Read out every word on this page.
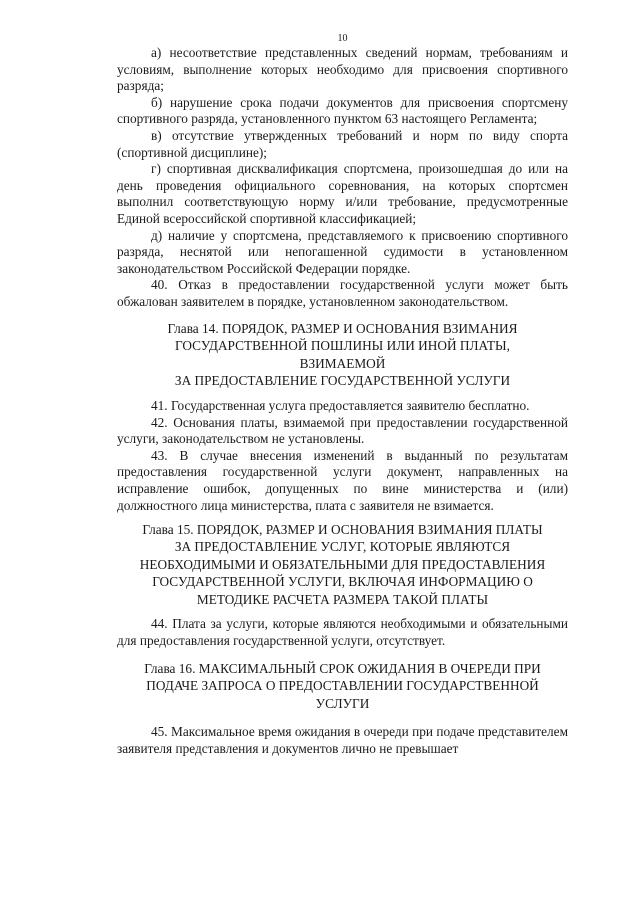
10

а) несоответствие представленных сведений нормам, требованиям и условиям, выполнение которых необходимо для присвоения спортивного разряда;

б) нарушение срока подачи документов для присвоения спортсмену спортивного разряда, установленного пунктом 63 настоящего Регламента;

в) отсутствие утвержденных требований и норм по виду спорта (спортивной дисциплине);

г) спортивная дисквалификация спортсмена, произошедшая до или на день проведения официального соревнования, на которых спортсмен выполнил соответствующую норму и/или требование, предусмотренные Единой всероссийской спортивной классификацией;

д) наличие у спортсмена, представляемого к присвоению спортивного разряда, неснятой или непогашенной судимости в установленном законодательством Российской Федерации порядке.

40. Отказ в предоставлении государственной услуги может быть обжалован заявителем в порядке, установленном законодательством.

Глава 14. ПОРЯДОК, РАЗМЕР И ОСНОВАНИЯ ВЗИМАНИЯ
ГОСУДАРСТВЕННОЙ ПОШЛИНЫ ИЛИ ИНОЙ ПЛАТЫ,
ВЗИМАЕМОЙ
ЗА ПРЕДОСТАВЛЕНИЕ ГОСУДАРСТВЕННОЙ УСЛУГИ

41. Государственная услуга предоставляется заявителю бесплатно.

42. Основания платы, взимаемой при предоставлении государственной услуги, законодательством не установлены.

43. В случае внесения изменений в выданный по результатам предоставления государственной услуги документ, направленных на исправление ошибок, допущенных по вине министерства и (или) должностного лица министерства, плата с заявителя не взимается.

Глава 15. ПОРЯДОК, РАЗМЕР И ОСНОВАНИЯ ВЗИМАНИЯ ПЛАТЫ
ЗА ПРЕДОСТАВЛЕНИЕ УСЛУГ, КОТОРЫЕ ЯВЛЯЮТСЯ
НЕОБХОДИМЫМИ И ОБЯЗАТЕЛЬНЫМИ ДЛЯ ПРЕДОСТАВЛЕНИЯ
ГОСУДАРСТВЕННОЙ УСЛУГИ, ВКЛЮЧАЯ ИНФОРМАЦИЮ О
МЕТОДИКЕ РАСЧЕТА РАЗМЕРА ТАКОЙ ПЛАТЫ

44. Плата за услуги, которые являются необходимыми и обязательными для предоставления государственной услуги, отсутствует.

Глава 16. МАКСИМАЛЬНЫЙ СРОК ОЖИДАНИЯ В ОЧЕРЕДИ ПРИ
ПОДАЧЕ ЗАПРОСА О ПРЕДОСТАВЛЕНИИ ГОСУДАРСТВЕННОЙ
УСЛУГИ

45. Максимальное время ожидания в очереди при подаче представителем заявителя представления и документов лично не превышает
